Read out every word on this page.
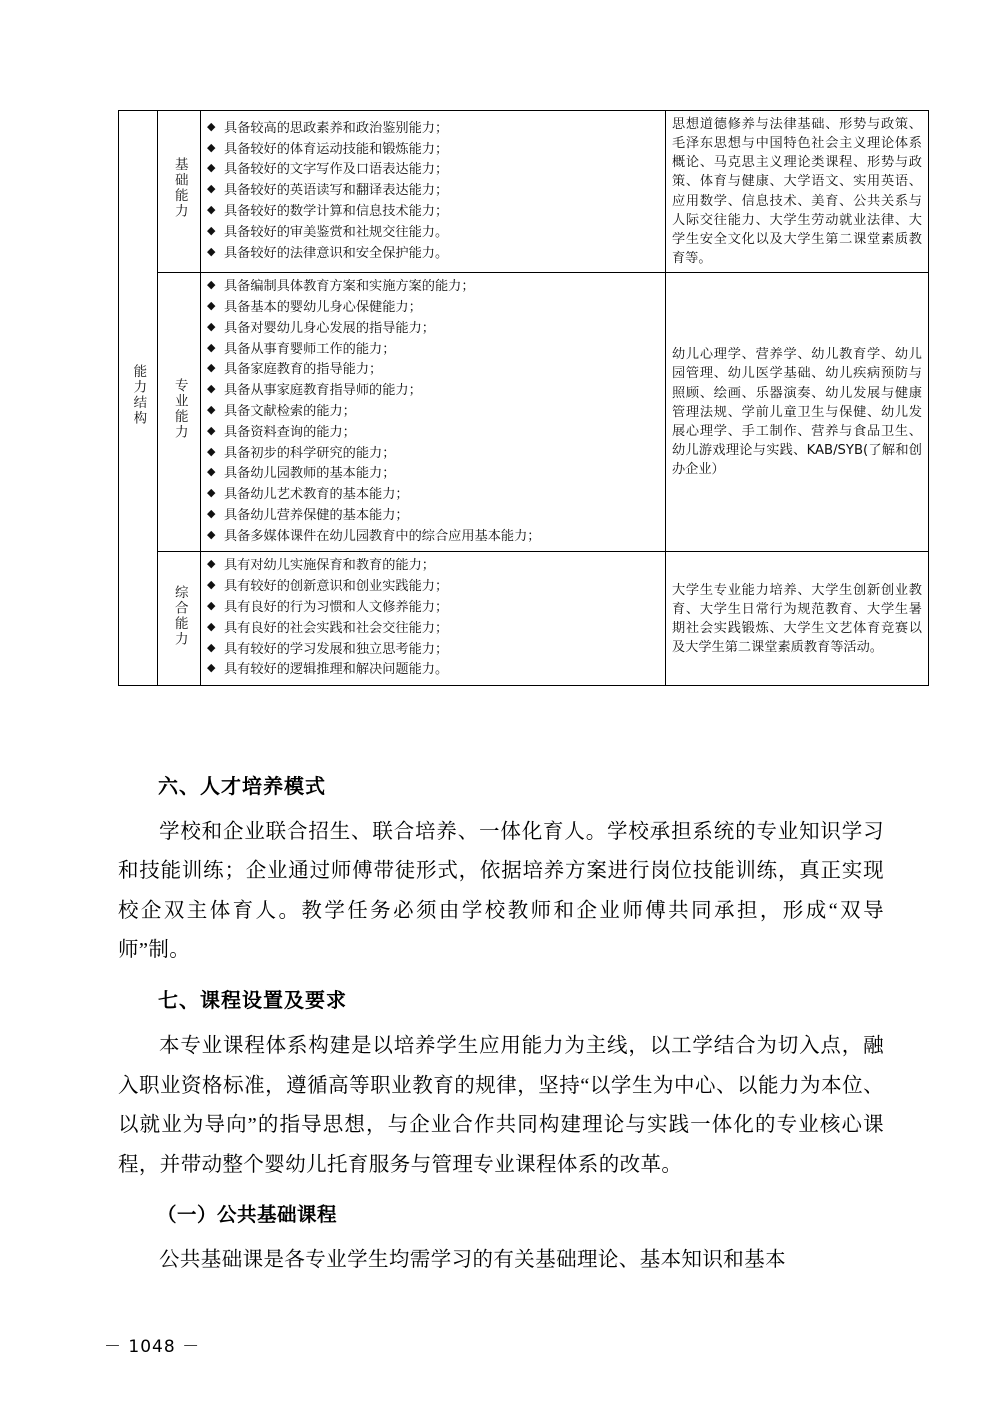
能力结构	基础能力	
◆ 具备较高的思政素养和政治鉴别能力；
◆ 具备较好的体育运动技能和锻炼能力；
◆ 具备较好的文字写作及口语表达能力；
◆ 具备较好的英语读写和翻译表达能力；
◆ 具备较好的数学计算和信息技术能力；
◆ 具备较好的审美鉴赏和社规交往能力。
◆ 具备较好的法律意识和安全保护能力。
	思想道德修养与法律基础、形势与政策、毛泽东思想与中国特色社会主义理论体系概论、马克思主义理论类课程、形势与政策、体育与健康、大学语文、实用英语、应用数学、信息技术、美育、公共关系与人际交往能力、大学生劳动就业法律、大学生安全文化以及大学生第二课堂素质教育等。
专业能力	
◆ 具备编制具体教育方案和实施方案的能力；
◆ 具备基本的婴幼儿身心保健能力；
◆ 具备对婴幼儿身心发展的指导能力；
◆ 具备从事育婴师工作的能力；
◆ 具备家庭教育的指导能力；
◆ 具备从事家庭教育指导师的能力；
◆ 具备文献检索的能力；
◆ 具备资料查询的能力；
◆ 具备初步的科学研究的能力；
◆ 具备幼儿园教师的基本能力；
◆ 具备幼儿艺术教育的基本能力；
◆ 具备幼儿营养保健的基本能力；
◆ 具备多媒体课件在幼儿园教育中的综合应用基本能力；
	幼儿心理学、营养学、幼儿教育学、幼儿园管理、幼儿医学基础、幼儿疾病预防与照顾、绘画、乐器演奏、幼儿发展与健康管理法规、学前儿童卫生与保健、幼儿发展心理学、手工制作、营养与食品卫生、幼儿游戏理论与实践、KAB/SYB(了解和创办企业）
综合能力	
◆ 具有对幼儿实施保育和教育的能力；
◆ 具有较好的创新意识和创业实践能力；
◆ 具有良好的行为习惯和人文修养能力；
◆ 具有良好的社会实践和社会交往能力；
◆ 具有较好的学习发展和独立思考能力；
◆ 具有较好的逻辑推理和解决问题能力。
	大学生专业能力培养、大学生创新创业教育、大学生日常行为规范教育、大学生暑期社会实践锻炼、大学生文艺体育竞赛以及大学生第二课堂素质教育等活动。
六、人才培养模式

学校和企业联合招生、联合培养、一体化育人。学校承担系统的专业知识学习和技能训练；企业通过师傅带徒形式，依据培养方案进行岗位技能训练，真正实现校企双主体育人。教学任务必须由学校教师和企业师傅共同承担，形成“双导师”制。

七、课程设置及要求

本专业课程体系构建是以培养学生应用能力为主线，以工学结合为切入点，融入职业资格标准，遵循高等职业教育的规律，坚持“以学生为中心、以能力为本位、以就业为导向”的指导思想，与企业合作共同构建理论与实践一体化的专业核心课程，并带动整个婴幼儿托育服务与管理专业课程体系的改革。

（一）公共基础课程

公共基础课是各专业学生均需学习的有关基础理论、基本知识和基本

－ 1048 －
